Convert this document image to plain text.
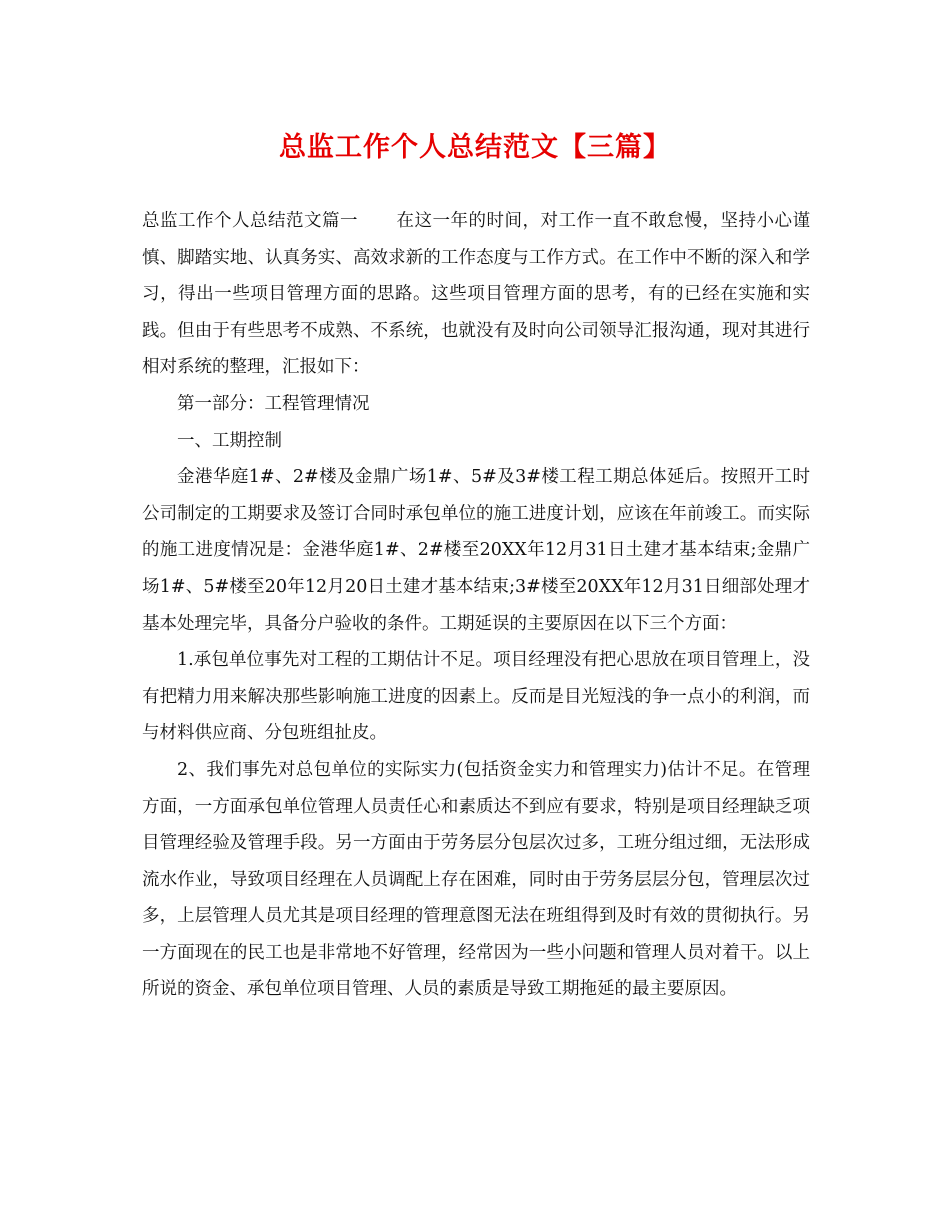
总监工作个人总结范文【三篇】

总监工作个人总结范文篇一 在这一年的时间，对工作一直不敢怠慢，坚持小心谨慎、脚踏实地、认真务实、高效求新的工作态度与工作方式。在工作中不断的深入和学习，得出一些项目管理方面的思路。这些项目管理方面的思考，有的已经在实施和实践。但由于有些思考不成熟、不系统，也就没有及时向公司领导汇报沟通，现对其进行相对系统的整理，汇报如下：

第一部分：工程管理情况

一、工期控制

金港华庭1#、2#楼及金鼎广场1#、5#及3#楼工程工期总体延后。按照开工时公司制定的工期要求及签订合同时承包单位的施工进度计划，应该在年前竣工。而实际的施工进度情况是：金港华庭1#、2#楼至20XX年12月31日土建才基本结束;金鼎广场1#、5#楼至20年12月20日土建才基本结束;3#楼至20XX年12月31日细部处理才基本处理完毕，具备分户验收的条件。工期延误的主要原因在以下三个方面：

1.承包单位事先对工程的工期估计不足。项目经理没有把心思放在项目管理上，没有把精力用来解决那些影响施工进度的因素上。反而是目光短浅的争一点小的利润，而与材料供应商、分包班组扯皮。

2、我们事先对总包单位的实际实力(包括资金实力和管理实力)估计不足。在管理方面，一方面承包单位管理人员责任心和素质达不到应有要求，特别是项目经理缺乏项目管理经验及管理手段。另一方面由于劳务层分包层次过多，工班分组过细，无法形成流水作业，导致项目经理在人员调配上存在困难，同时由于劳务层层分包，管理层次过多，上层管理人员尤其是项目经理的管理意图无法在班组得到及时有效的贯彻执行。另一方面现在的民工也是非常地不好管理，经常因为一些小问题和管理人员对着干。以上所说的资金、承包单位项目管理、人员的素质是导致工期拖延的最主要原因。
